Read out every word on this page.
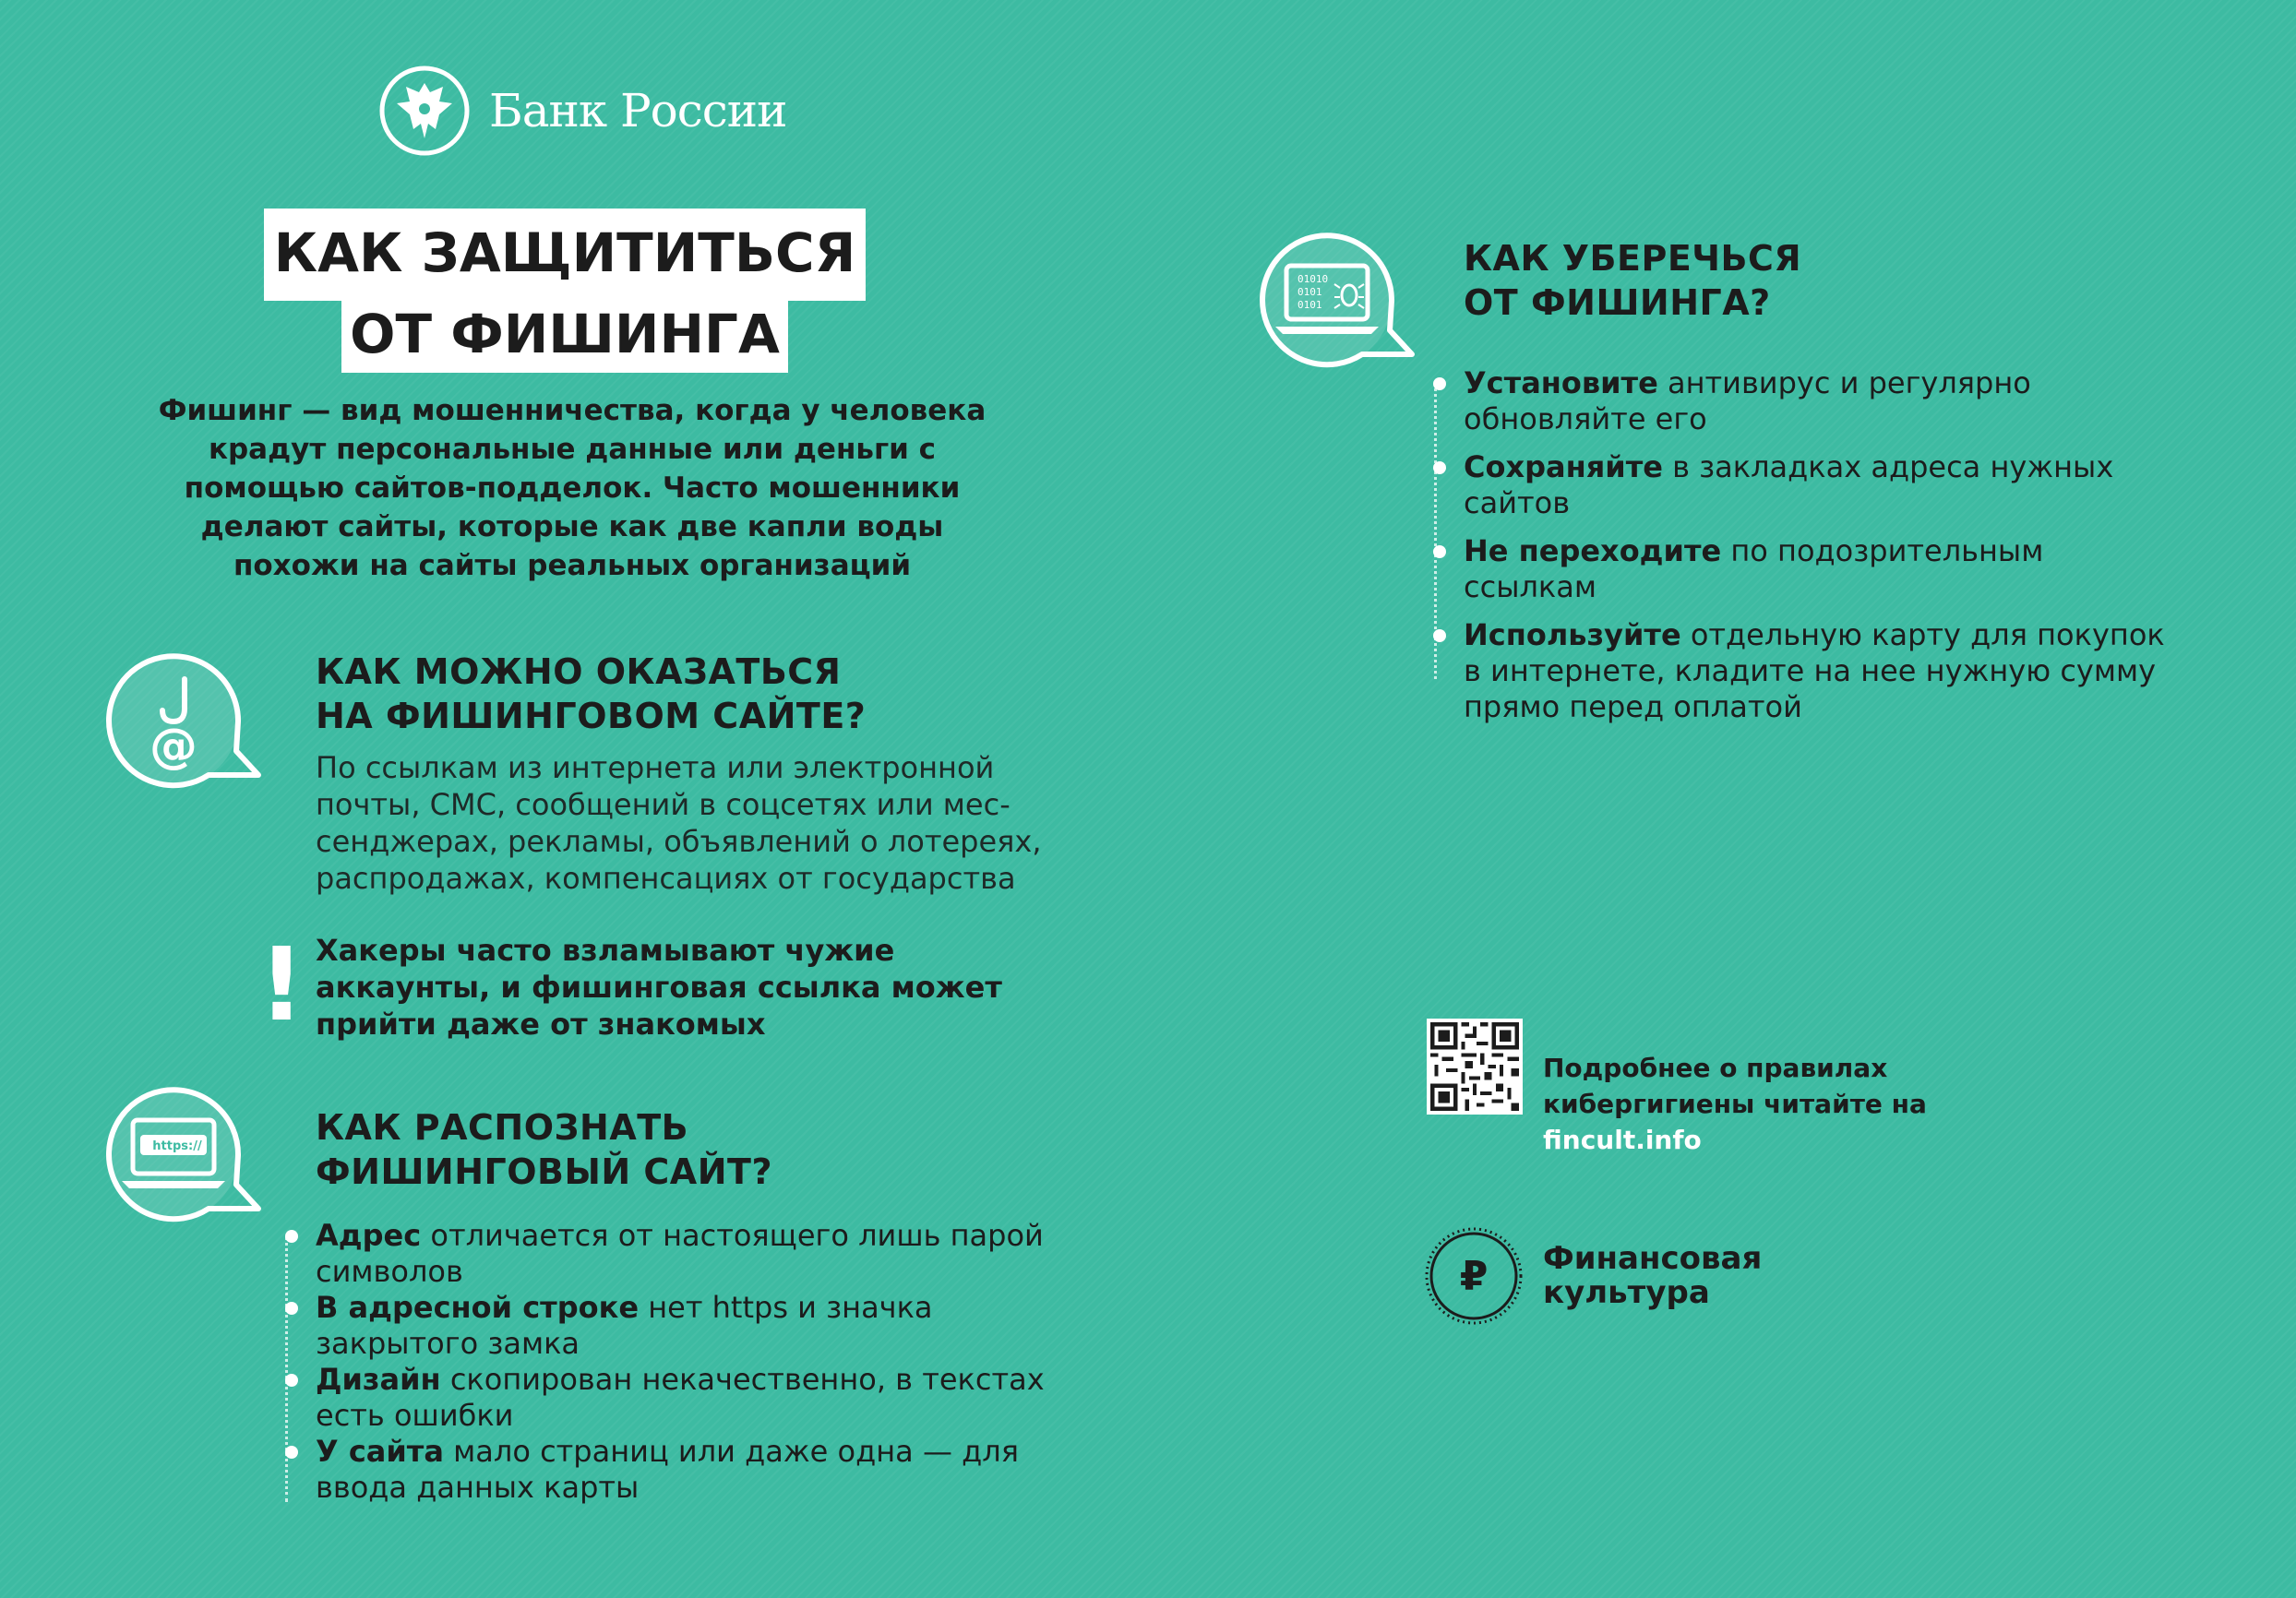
Банк России
КАК ЗАЩИТИТЬСЯ
ОТ ФИШИНГА
Фишинг — вид мошенничества, когда у человека крадут персональные данные или деньги с помощью сайтов-подделок. Часто мошенники делают сайты, которые как две капли воды похожи на сайты реальных организаций
@
КАК МОЖНО ОКАЗАТЬСЯ
НА ФИШИНГОВОМ САЙТЕ?
По ссылкам из интернета или электронной почты, СМС, сообщений в соцсетях или мес-сенджерах, рекламы, объявлений о лотереях, распродажах, компенсациях от государства
! Хакеры часто взламывают чужие аккаунты, и фишинговая ссылка может прийти даже от знакомых
https://	КАК РАСПОЗНАТЬ
ФИШИНГОВЫЙ САЙТ?
Адрес отличается от настоящего лишь парой символов
В адресной строке нет https и значка закрытого замка
Дизайн скопирован некачественно, в текстах есть ошибки
У сайта мало страниц или даже одна — для ввода данных карты
01010
0101
0101
КАК УБЕРЕЧЬСЯ
ОТ ФИШИНГА?
Установите антивирус и регулярно обновляйте его
Сохраняйте в закладках адреса нужных сайтов
Не переходите по подозрительным ссылкам
Используйте отдельную карту для покупок в интернете, кладите на нее нужную сумму прямо перед оплатой
Подробнее о правилах
кибергигиены читайте на fincult.info
₽ Финансовая
культура
